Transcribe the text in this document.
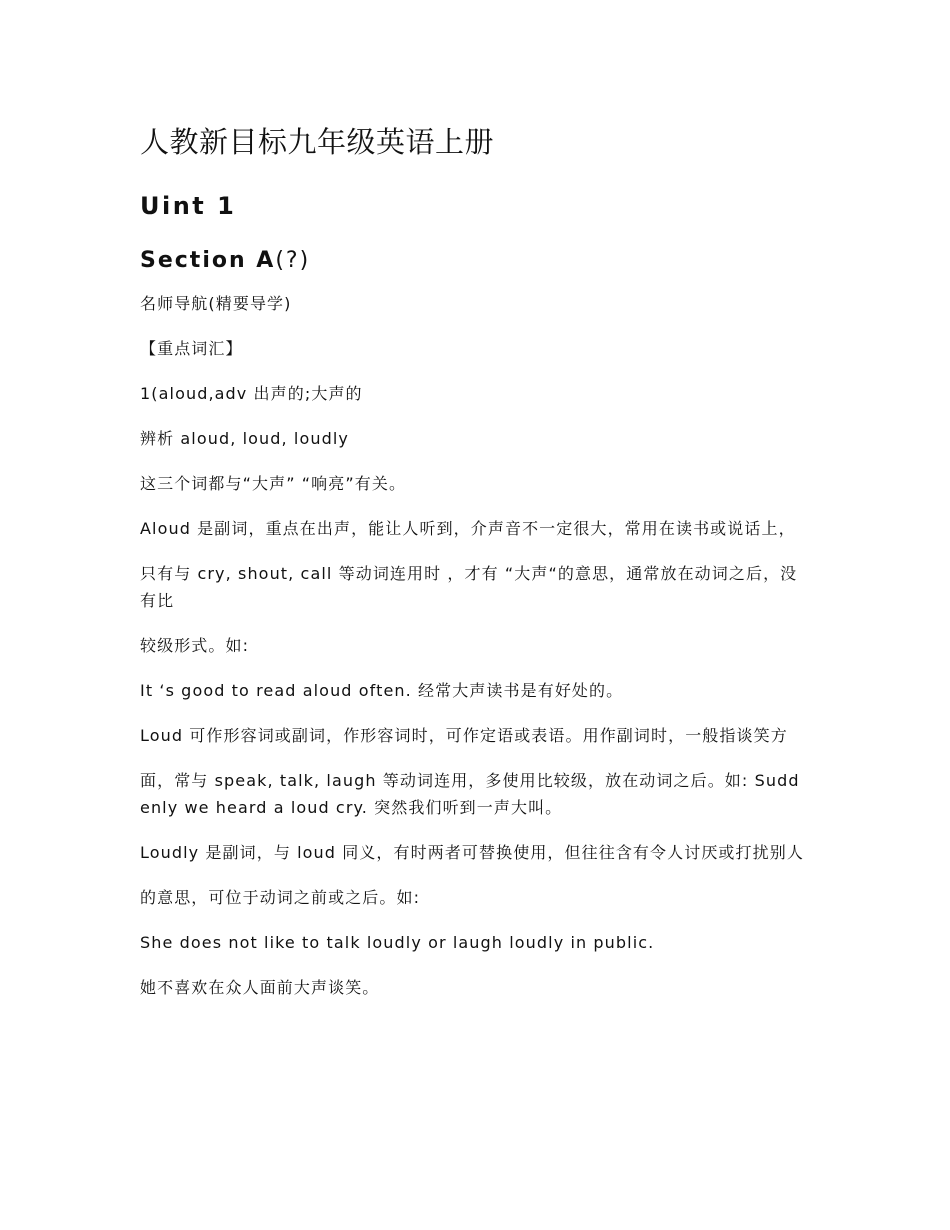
人教新目标九年级英语上册
Uint 1
Section A(?)

名师导航(精要导学)

【重点词汇】

1(aloud,adv 出声的;大声的

辨析 aloud, loud, loudly

这三个词都与“大声” “响亮”有关。

Aloud 是副词，重点在出声，能让人听到，介声音不一定很大，常用在读书或说话上，

只有与 cry, shout, call 等动词连用时 ，才有 “大声“的意思，通常放在动词之后，没有比

较级形式。如:

It ‘s good to read aloud often. 经常大声读书是有好处的。

Loud 可作形容词或副词，作形容词时，可作定语或表语。用作副词时，一般指谈笑方

面，常与 speak, talk, laugh 等动词连用，多使用比较级，放在动词之后。如: Suddenly we heard a loud cry. 突然我们听到一声大叫。

Loudly 是副词，与 loud 同义，有时两者可替换使用，但往往含有令人讨厌或打扰别人

的意思，可位于动词之前或之后。如:

She does not like to talk loudly or laugh loudly in public.

她不喜欢在众人面前大声谈笑。
